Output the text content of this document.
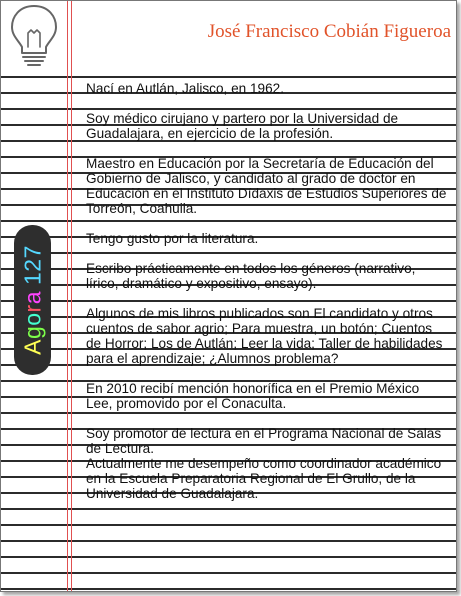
José Francisco Cobián Figueroa
Agora127

Nací en Autlán, Jalisco, en 1962.

Soy médico cirujano y partero por la Universidad de Guadalajara, en ejercicio de la profesión.

Maestro en Educación por la Secretaría de Educación del Gobierno de Jalisco, y candidato al grado de doctor en Educación en el Instituto Dídaxis de Estudios Superiores de Torreón, Coahuila.

Tengo gusto por la literatura.

Escribo prácticamente en todos los géneros (narrativo, lírico, dramático y expositivo, ensayo).

Algunos de mis libros publicados son El candidato y otros cuentos de sabor agrio; Para muestra, un botón; Cuentos de Horror; Los de Autlán; Leer la vida; Taller de habilidades para el aprendizaje; ¿Alumnos problema?

En 2010 recibí mención honorífica en el Premio México Lee, promovido por el Conaculta.

Soy promotor de lectura en el Programa Nacional de Salas de Lectura.
Actualmente me desempeño como coordinador académico en la Escuela Preparatoria Regional de El Grullo, de la Universidad de Guadalajara.
